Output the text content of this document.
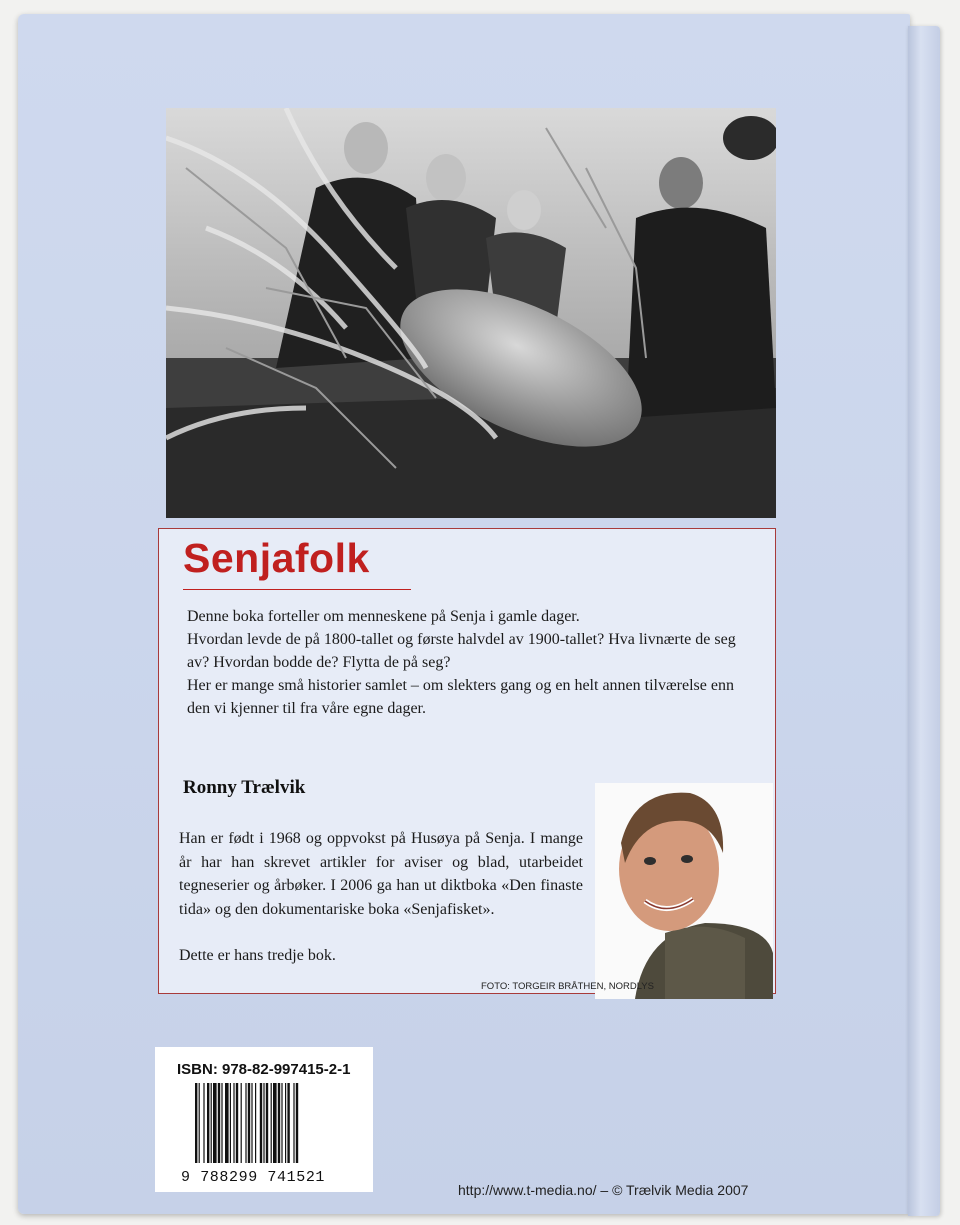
Senjafolk

Denne boka forteller om menneskene på Senja i gamle dager.

Hvordan levde de på 1800-tallet og første halvdel av 1900-tallet? Hva livnærte de seg av? Hvordan bodde de? Flytta de på seg?

Her er mange små historier samlet – om slekters gang og en helt annen tilværelse enn den vi kjenner til fra våre egne dager.

Ronny Trælvik
Han er født i 1968 og oppvokst på Husøya på Senja. I mange år har han skrevet artikler for aviser og blad, utarbeidet tegneserier og årbøker. I 2006 ga han ut diktboka «Den finaste tida» og den dokumentariske boka «Senjafisket».
Dette er hans tredje bok.
FOTO: TORGEIR BRÅTHEN, NORDLYS
ISBN: 978-82-997415-2-1
9 788299 741521
http://www.t-media.no/ – © Trælvik Media 2007
